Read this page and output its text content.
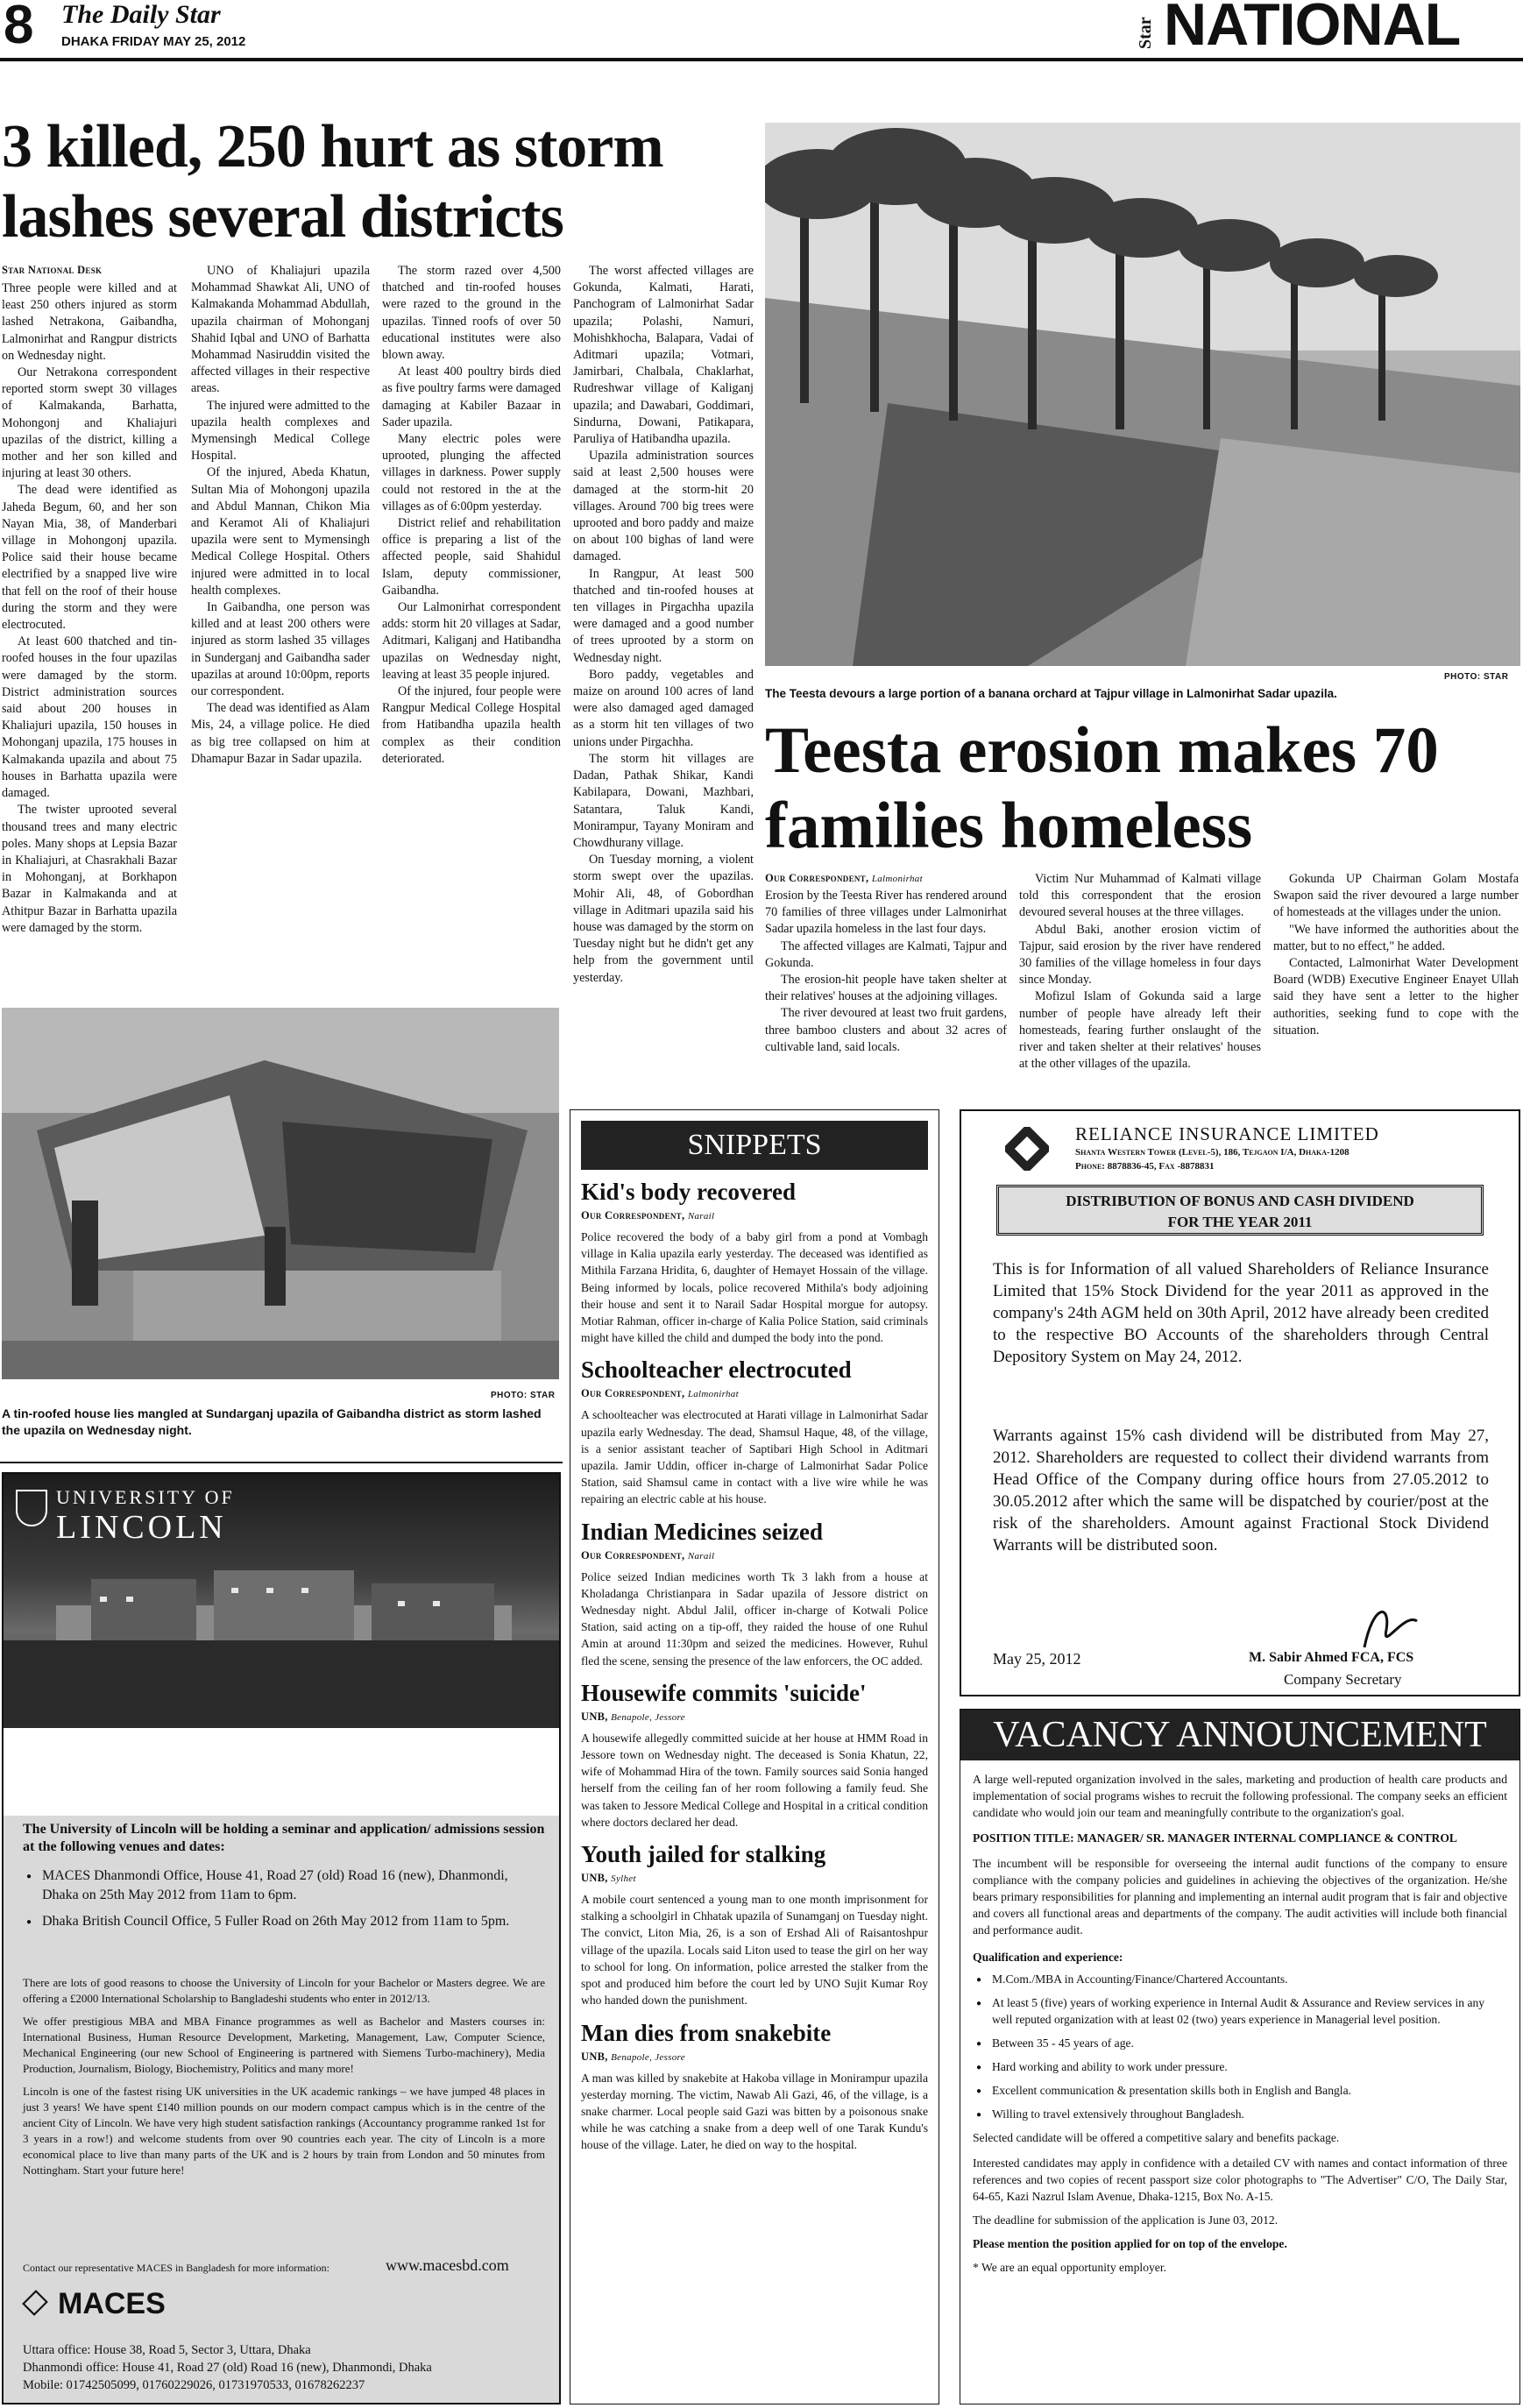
8 The Daily Star
DHAKA FRIDAY MAY 25, 2012	Star NATIONAL
3 killed, 250 hurt as storm lashes several districts
Star National Desk

Three people were killed and at least 250 others injured as storm lashed Netrakona, Gaibandha, Lalmonirhat and Rangpur districts on Wednesday night.

Our Netrakona correspondent reported storm swept 30 villages of Kalmakanda, Barhatta, Mohongonj and Khaliajuri upazilas of the district, killing a mother and her son killed and injuring at least 30 others.

The dead were identified as Jaheda Begum, 60, and her son Nayan Mia, 38, of Manderbari village in Mohongonj upazila. Police said their house became electrified by a snapped live wire that fell on the roof of their house during the storm and they were electrocuted.

At least 600 thatched and tin-roofed houses in the four upazilas were damaged by the storm. District administration sources said about 200 houses in Khaliajuri upazila, 150 houses in Mohonganj upazila, 175 houses in Kalmakanda upazila and about 75 houses in Barhatta upazila were damaged.

The twister uprooted several thousand trees and many electric poles. Many shops at Lepsia Bazar in Khaliajuri, at Chasrakhali Bazar in Mohonganj, at Borkhapon Bazar in Kalmakanda and at Athitpur Bazar in Barhatta upazila were damaged by the storm.

UNO of Khaliajuri upazila Mohammad Shawkat Ali, UNO of Kalmakanda Mohammad Abdullah, upazila chairman of Mohonganj Shahid Iqbal and UNO of Barhatta Mohammad Nasiruddin visited the affected villages in their respective areas.

The injured were admitted to the upazila health complexes and Mymensingh Medical College Hospital.

Of the injured, Abeda Khatun, Sultan Mia of Mohongonj upazila and Abdul Mannan, Chikon Mia and Keramot Ali of Khaliajuri upazila were sent to Mymensingh Medical College Hospital. Others injured were admitted in to local health complexes.

In Gaibandha, one person was killed and at least 200 others were injured as storm lashed 35 villages in Sunderganj and Gaibandha sader upazilas at around 10:00pm, reports our correspondent.

The dead was identified as Alam Mis, 24, a village police. He died as big tree collapsed on him at Dhamapur Bazar in Sadar upazila.

The storm razed over 4,500 thatched and tin-roofed houses were razed to the ground in the upazilas. Tinned roofs of over 50 educational institutes were also blown away.

At least 400 poultry birds died as five poultry farms were damaged damaging at Kabiler Bazaar in Sader upazila.

Many electric poles were uprooted, plunging the affected villages in darkness. Power supply could not restored in the at the villages as of 6:00pm yesterday.

District relief and rehabilitation office is preparing a list of the affected people, said Shahidul Islam, deputy commissioner, Gaibandha.

Our Lalmonirhat correspondent adds: storm hit 20 villages at Sadar, Aditmari, Kaliganj and Hatibandha upazilas on Wednesday night, leaving at least 35 people injured.

Of the injured, four people were Rangpur Medical College Hospital from Hatibandha upazila health complex as their condition deteriorated.

The worst affected villages are Gokunda, Kalmati, Harati, Panchogram of Lalmonirhat Sadar upazila; Polashi, Namuri, Mohishkhocha, Balapara, Vadai of Aditmari upazila; Votmari, Jamirbari, Chalbala, Chaklarhat, Rudreshwar village of Kaliganj upazila; and Dawabari, Goddimari, Sindurna, Dowani, Patikapara, Paruliya of Hatibandha upazila.

Upazila administration sources said at least 2,500 houses were damaged at the storm-hit 20 villages. Around 700 big trees were uprooted and boro paddy and maize on about 100 bighas of land were damaged.

In Rangpur, At least 500 thatched and tin-roofed houses at ten villages in Pirgachha upazila were damaged and a good number of trees uprooted by a storm on Wednesday night.

Boro paddy, vegetables and maize on around 100 acres of land were also damaged aged damaged as a storm hit ten villages of two unions under Pirgachha.

The storm hit villages are Dadan, Pathak Shikar, Kandi Kabilapara, Dowani, Mazhbari, Satantara, Taluk Kandi, Monirampur, Tayany Moniram and Chowdhurany village.

On Tuesday morning, a violent storm swept over the upazilas. Mohir Ali, 48, of Gobordhan village in Aditmari upazila said his house was damaged by the storm on Tuesday night but he didn't get any help from the government until yesterday.

PHOTO: STAR
A tin-roofed house lies mangled at Sundarganj upazila of Gaibandha district as storm lashed the upazila on Wednesday night.
PHOTO: STAR
The Teesta devours a large portion of a banana orchard at Tajpur village in Lalmonirhat Sadar upazila.
Teesta erosion makes 70 families homeless
Our Correspondent, Lalmonirhat

Erosion by the Teesta River has rendered around 70 families of three villages under Lalmonirhat Sadar upazila homeless in the last four days.

The affected villages are Kalmati, Tajpur and Gokunda.

The erosion-hit people have taken shelter at their relatives' houses at the adjoining villages.

The river devoured at least two fruit gardens, three bamboo clusters and about 32 acres of cultivable land, said locals.

Victim Nur Muhammad of Kalmati village told this correspondent that the erosion devoured several houses at the three villages.

Abdul Baki, another erosion victim of Tajpur, said erosion by the river have rendered 30 families of the village homeless in four days since Monday.

Mofizul Islam of Gokunda said a large number of people have already left their homesteads, fearing further onslaught of the river and taken shelter at their relatives' houses at the other villages of the upazila.

Gokunda UP Chairman Golam Mostafa Swapon said the river devoured a large number of homesteads at the villages under the union.

"We have informed the authorities about the matter, but to no effect," he added.

Contacted, Lalmonirhat Water Development Board (WDB) Executive Engineer Enayet Ullah said they have sent a letter to the higher authorities, seeking fund to cope with the situation.

UNIVERSITY OF
LINCOLN
Meet us in Bangladesh this May!
The University of Lincoln will be holding a seminar and application/ admissions session at the following venues and dates:
● MACES Dhanmondi Office, House 41, Road 27 (old) Road 16 (new), Dhanmondi, Dhaka on 25th May 2012 from 11am to 6pm.
● Dhaka British Council Office, 5 Fuller Road on 26th May 2012 from 11am to 5pm.

There are lots of good reasons to choose the University of Lincoln for your Bachelor or Masters degree. We are offering a £2000 International Scholarship to Bangladeshi students who enter in 2012/13.

We offer prestigious MBA and MBA Finance programmes as well as Bachelor and Masters courses in: International Business, Human Resource Development, Marketing, Management, Law, Computer Science, Mechanical Engineering (our new School of Engineering is partnered with Siemens Turbo-machinery), Media Production, Journalism, Biology, Biochemistry, Politics and many more!

Lincoln is one of the fastest rising UK universities in the UK academic rankings – we have jumped 48 places in just 3 years! We have spent £140 million pounds on our modern compact campus which is in the centre of the ancient City of Lincoln. We have very high student satisfaction rankings (Accountancy programme ranked 1st for 3 years in a row!) and welcome students from over 90 countries each year. The city of Lincoln is a more economical place to live than many parts of the UK and is 2 hours by train from London and 50 minutes from Nottingham. Start your future here!

Contact our representative MACES in Bangladesh for more information:	www.macesbd.com
MACES
Uttara office: House 38, Road 5, Sector 3, Uttara, Dhaka
Dhanmondi office: House 41, Road 27 (old) Road 16 (new), Dhanmondi, Dhaka
Mobile: 01742505099, 01760229026, 01731970533, 01678262237
SNIPPETS
Kid's body recovered
Our Correspondent, Narail

Police recovered the body of a baby girl from a pond at Vombagh village in Kalia upazila early yesterday. The deceased was identified as Mithila Farzana Hridita, 6, daughter of Hemayet Hossain of the village. Being informed by locals, police recovered Mithila's body adjoining their house and sent it to Narail Sadar Hospital morgue for autopsy. Motiar Rahman, officer in-charge of Kalia Police Station, said criminals might have killed the child and dumped the body into the pond.

Schoolteacher electrocuted
Our Correspondent, Lalmonirhat

A schoolteacher was electrocuted at Harati village in Lalmonirhat Sadar upazila early Wednesday. The dead, Shamsul Haque, 48, of the village, is a senior assistant teacher of Saptibari High School in Aditmari upazila. Jamir Uddin, officer in-charge of Lalmonirhat Sadar Police Station, said Shamsul came in contact with a live wire while he was repairing an electric cable at his house.

Indian Medicines seized
Our Correspondent, Narail

Police seized Indian medicines worth Tk 3 lakh from a house at Kholadanga Christianpara in Sadar upazila of Jessore district on Wednesday night. Abdul Jalil, officer in-charge of Kotwali Police Station, said acting on a tip-off, they raided the house of one Ruhul Amin at around 11:30pm and seized the medicines. However, Ruhul fled the scene, sensing the presence of the law enforcers, the OC added.

Housewife commits 'suicide'
UNB, Benapole, Jessore

A housewife allegedly committed suicide at her house at HMM Road in Jessore town on Wednesday night. The deceased is Sonia Khatun, 22, wife of Mohammad Hira of the town. Family sources said Sonia hanged herself from the ceiling fan of her room following a family feud. She was taken to Jessore Medical College and Hospital in a critical condition where doctors declared her dead.

Youth jailed for stalking
UNB, Sylhet

A mobile court sentenced a young man to one month imprisonment for stalking a schoolgirl in Chhatak upazila of Sunamganj on Tuesday night. The convict, Liton Mia, 26, is a son of Ershad Ali of Raisantoshpur village of the upazila. Locals said Liton used to tease the girl on her way to school for long. On information, police arrested the stalker from the spot and produced him before the court led by UNO Sujit Kumar Roy who handed down the punishment.

Man dies from snakebite
UNB, Benapole, Jessore

A man was killed by snakebite at Hakoba village in Monirampur upazila yesterday morning. The victim, Nawab Ali Gazi, 46, of the village, is a snake charmer. Local people said Gazi was bitten by a poisonous snake while he was catching a snake from a deep well of one Tarak Kundu's house of the village. Later, he died on way to the hospital.

RELIANCE INSURANCE LIMITED
Shanta Western Tower (Level-5), 186, Tejgaon I/A, Dhaka-1208
Phone: 8878836-45, Fax -8878831
DISTRIBUTION OF BONUS AND CASH DIVIDEND FOR THE YEAR 2011

This is for Information of all valued Shareholders of Reliance Insurance Limited that 15% Stock Dividend for the year 2011 as approved in the company's 24th AGM held on 30th April, 2012 have already been credited to the respective BO Accounts of the shareholders through Central Depository System on May 24, 2012.

Warrants against 15% cash dividend will be distributed from May 27, 2012. Shareholders are requested to collect their dividend warrants from Head Office of the Company during office hours from 27.05.2012 to 30.05.2012 after which the same will be dispatched by courier/post at the risk of the shareholders. Amount against Fractional Stock Dividend Warrants will be distributed soon.

May 25, 2012	M. Sabir Ahmed FCA, FCS
Company Secretary
VACANCY ANNOUNCEMENT

A large well-reputed organization involved in the sales, marketing and production of health care products and implementation of social programs wishes to recruit the following professional. The company seeks an efficient candidate who would join our team and meaningfully contribute to the organization's goal.

POSITION TITLE: MANAGER/ SR. MANAGER INTERNAL COMPLIANCE & CONTROL

The incumbent will be responsible for overseeing the internal audit functions of the company to ensure compliance with the company policies and guidelines in achieving the objectives of the organization. He/she bears primary responsibilities for planning and implementing an internal audit program that is fair and objective and covers all functional areas and departments of the company. The audit activities will include both financial and performance audit.

Qualification and experience:
● M.Com./MBA in Accounting/Finance/Chartered Accountants.
● At least 5 (five) years of working experience in Internal Audit & Assurance and Review services in any well reputed organization with at least 02 (two) years experience in Managerial level position.
● Between 35 - 45 years of age.
● Hard working and ability to work under pressure.
● Excellent communication & presentation skills both in English and Bangla.
● Willing to travel extensively throughout Bangladesh.

Selected candidate will be offered a competitive salary and benefits package.

Interested candidates may apply in confidence with a detailed CV with names and contact information of three references and two copies of recent passport size color photographs to "The Advertiser" C/O, The Daily Star, 64-65, Kazi Nazrul Islam Avenue, Dhaka-1215, Box No. A-15.

The deadline for submission of the application is June 03, 2012.

Please mention the position applied for on top of the envelope.

* We are an equal opportunity employer.
